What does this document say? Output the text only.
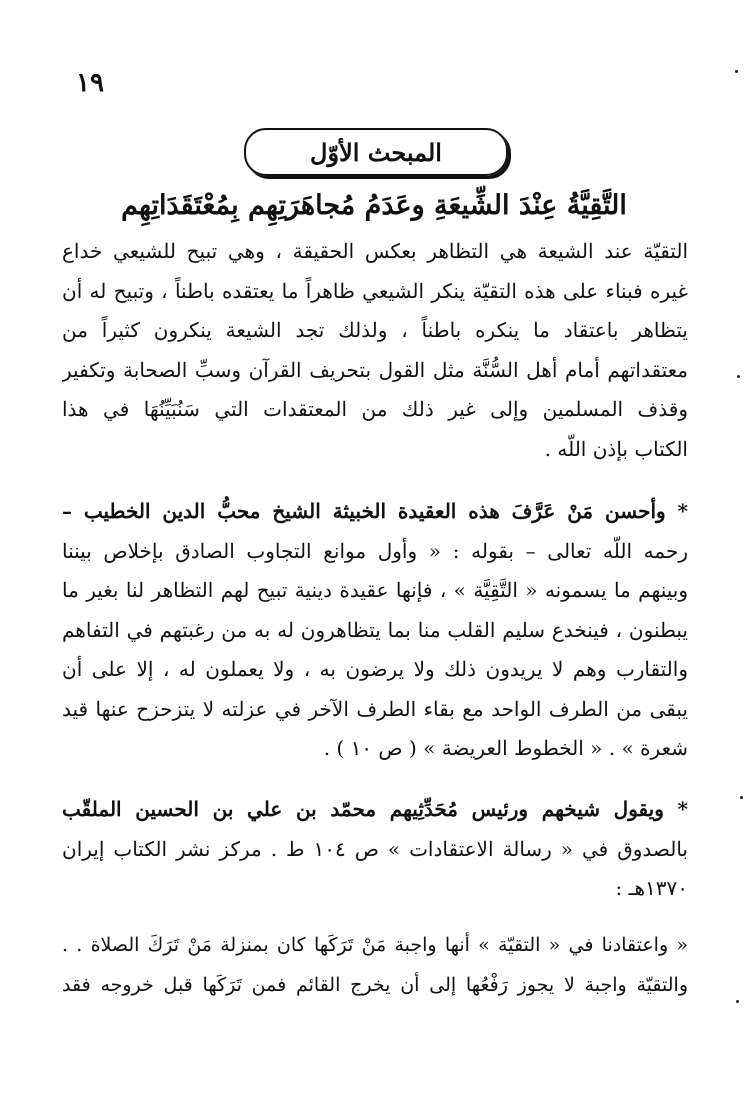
١٩
المبحث الأوّل
التَّقِيَّةُ عِنْدَ الشِّيعَةِ وعَدَمُ مُجاهَرَتِهِم بِمُعْتَقَدَاتِهِم
التقيّة عند الشيعة هي التظاهر بعكس الحقيقة ، وهي تبيح للشيعي خداع
غيره فبناء على هذه التقيّة ينكر الشيعي ظاهراً ما يعتقده باطناً ، وتبيح له أن
يتظاهر باعتقاد ما ينكره باطناً ، ولذلك تجد الشيعة ينكرون كثيراً من
معتقداتهم أمام أهل السُّنَّة مثل القول بتحريف القرآن وسبِّ الصحابة وتكفير
وقذف المسلمين وإلى غير ذلك من المعتقدات التي سَنُبَيِّنُهَا في هذا
الكتاب بإذن اللّه .
* وأحسن مَنْ عَرَّفَ هذه العقيدة الخبيثة الشيخ محبُّ الدين الخطيب –
رحمه اللّه تعالى – بقوله : « وأول موانع التجاوب الصادق بإخلاص بيننا
وبينهم ما يسمونه « التَّقِيَّة » ، فإنها عقيدة دينية تبيح لهم التظاهر لنا بغير ما
يبطنون ، فينخدع سليم القلب منا بما يتظاهرون له به من رغبتهم في التفاهم
والتقارب وهم لا يريدون ذلك ولا يرضون به ، ولا يعملون له ، إلا على أن
يبقى من الطرف الواحد مع بقاء الطرف الآخر في عزلته لا يتزحزح عنها قيد
شعرة » . « الخطوط العريضة » ( ص ١٠ ) .
* ويقول شيخهم ورئيس مُحَدِّثِيهم محمّد بن علي بن الحسين الملقّب
بالصدوق في « رسالة الاعتقادات » ص ١٠٤ ط . مركز نشر الكتاب إيران
١٣٧٠هـ :
« واعتقادنا في « التقيّة » أنها واجبة مَنْ تَرَكَها كان بمنزلة مَنْ تَرَكَ الصلاة . .
والتقيّة واجبة لا يجوز رَفْعُها إلى أن يخرج القائم فمن تَرَكَها قبل خروجه فقد
